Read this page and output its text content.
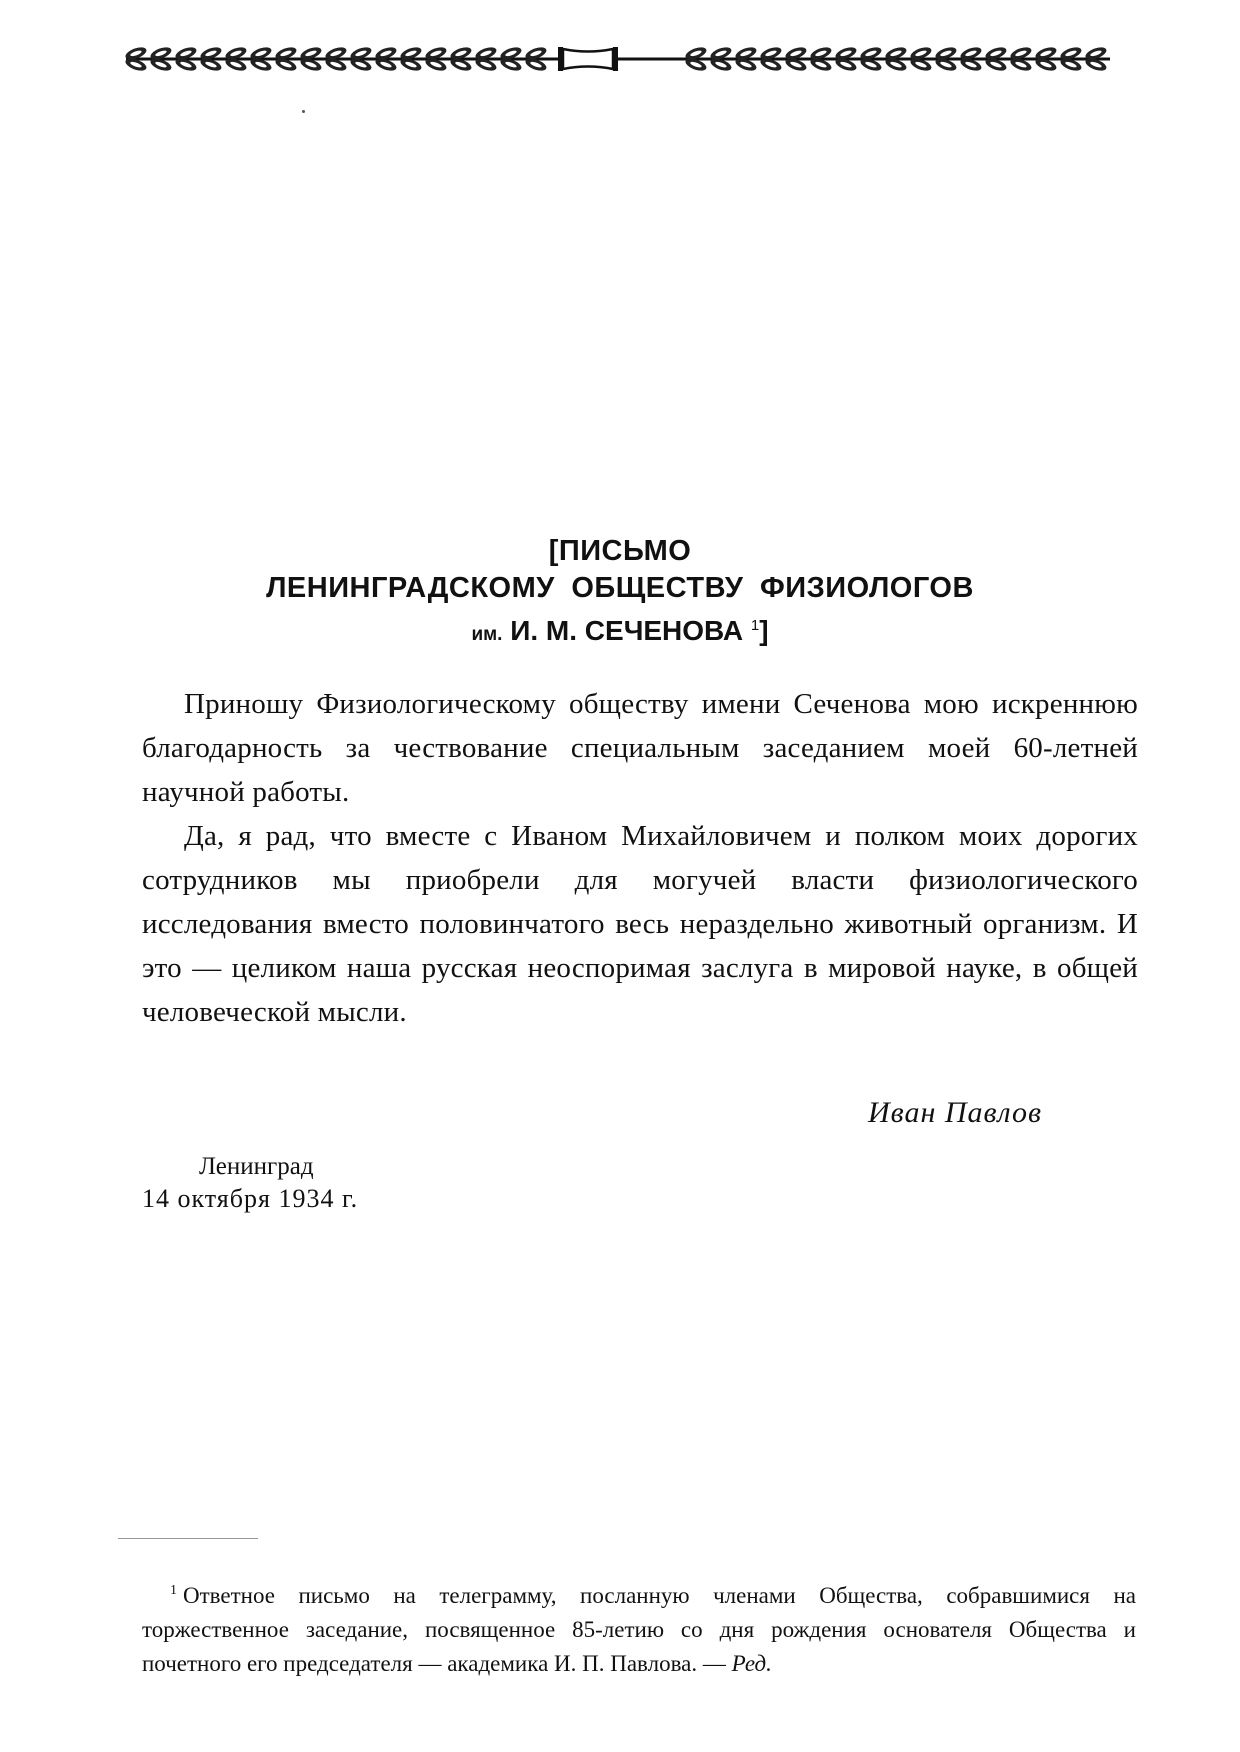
[ПИСЬМО
ЛЕНИНГРАДСКОМУ ОБЩЕСТВУ ФИЗИОЛОГОВ
им. И. М. СЕЧЕНОВА $^1$]

Приношу Физиологическому обществу имени Сеченова мою искреннюю благодарность за чествование специальным заседанием моей 60-летней научной работы.

Да, я рад, что вместе с Иваном Михайловичем и полком моих дорогих сотрудников мы приобрели для могучей власти физиологического исследования вместо половинчатого весь нераздельно животный организм. И это — целиком наша русская неоспоримая заслуга в мировой науке, в общей человеческой мысли.

Иван Павлов
Ленинград
14 октября 1934 г.

$^1$ Ответное письмо на телеграмму, посланную членами Общества, собравшимися на торжественное заседание, посвященное 85-летию со дня рождения основателя Общества и почетного его председателя — академика И. П. Павлова. — Ред.
